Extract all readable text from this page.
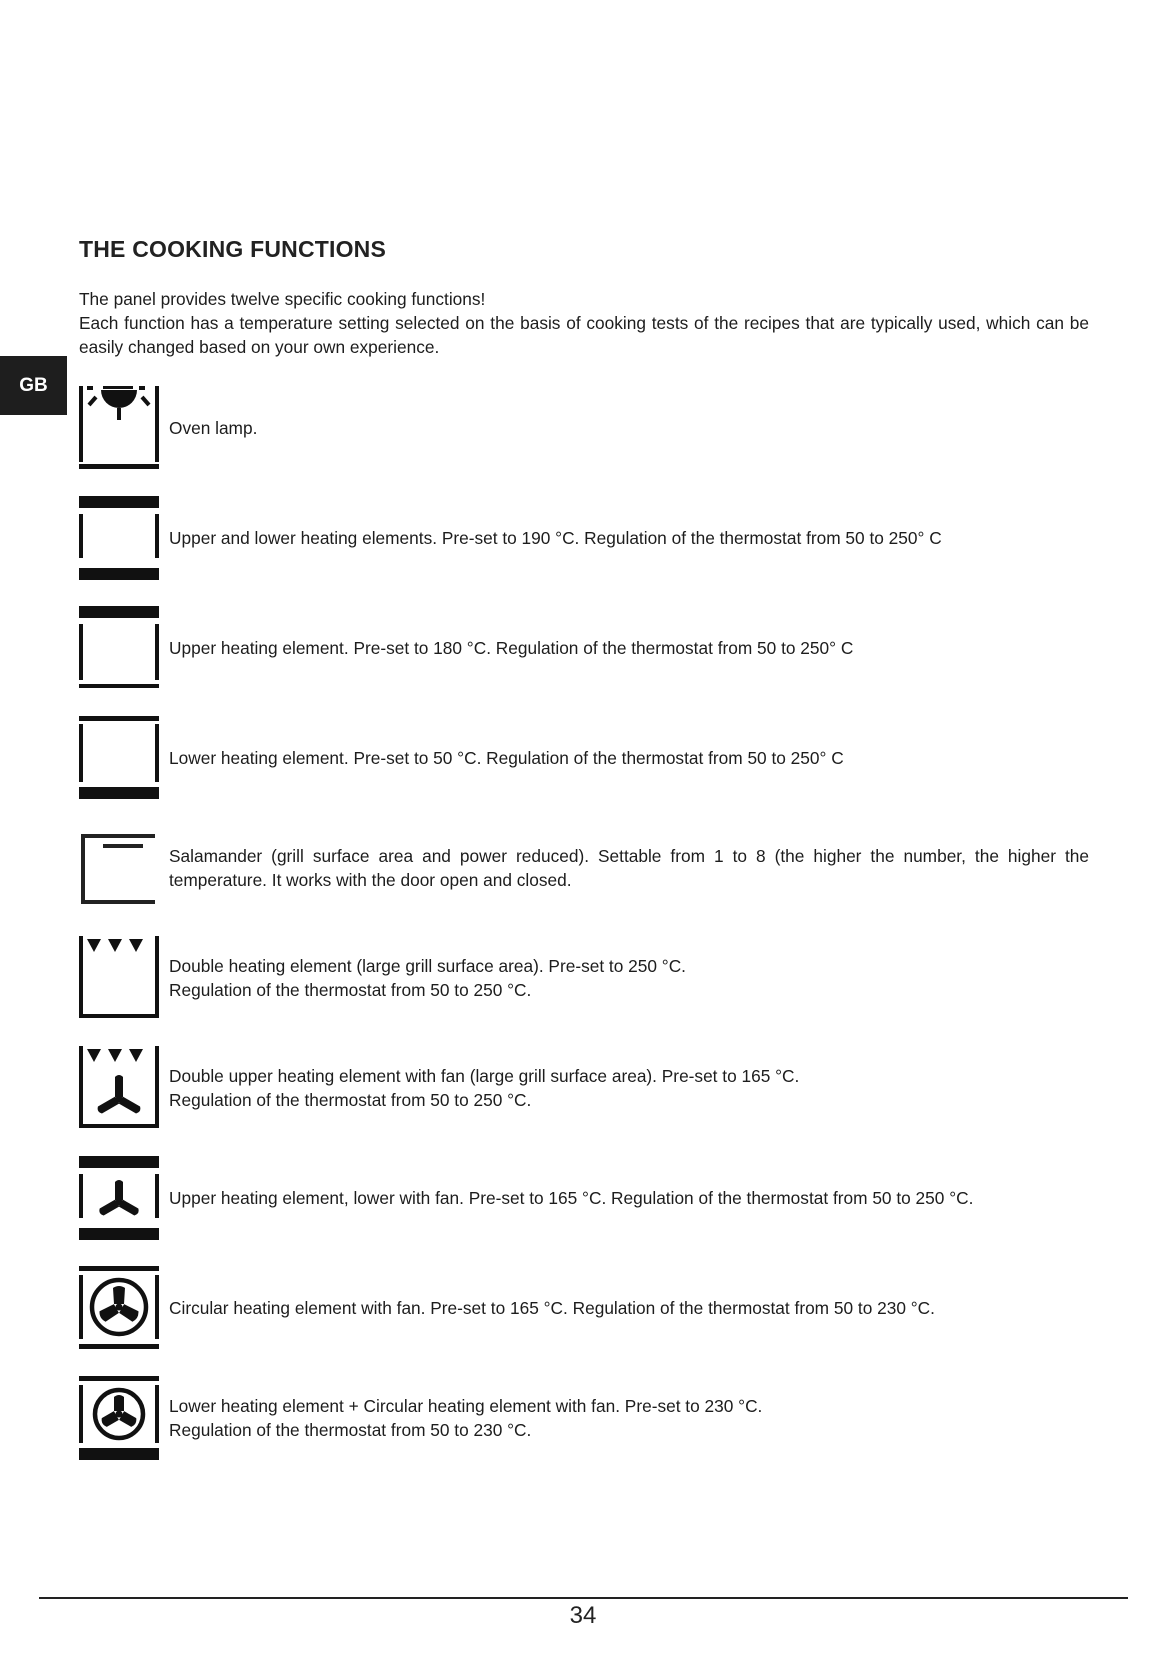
THE COOKING FUNCTIONS

The panel provides twelve specific cooking functions!

Each function has a temperature setting selected on the basis of cooking tests of the recipes that are typically used, which can be easily changed based on your own experience.

GB
Oven lamp.
Upper and lower heating elements. Pre-set to 190 °C. Regulation of the thermostat from 50 to 250° C
Upper heating element. Pre-set to 180 °C. Regulation of the thermostat from 50 to 250° C
Lower heating element. Pre-set to 50 °C. Regulation of the thermostat from 50 to 250° C
Salamander (grill surface area and power reduced). Settable from 1 to 8 (the higher the number, the higher the temperature. It works with the door open and closed.
Double heating element (large grill surface area). Pre-set to 250 °C.
Regulation of the thermostat from 50 to 250 °C.
Double upper heating element with fan (large grill surface area). Pre-set to 165 °C.
Regulation of the thermostat from 50 to 250 °C.
Upper heating element, lower with fan. Pre-set to 165 °C. Regulation of the thermostat from 50 to 250 °C.
Circular heating element with fan. Pre-set to 165 °C. Regulation of the thermostat from 50 to 230 °C.
Lower heating element + Circular heating element with fan. Pre-set to 230 °C.
Regulation of the thermostat from 50 to 230 °C.
34
